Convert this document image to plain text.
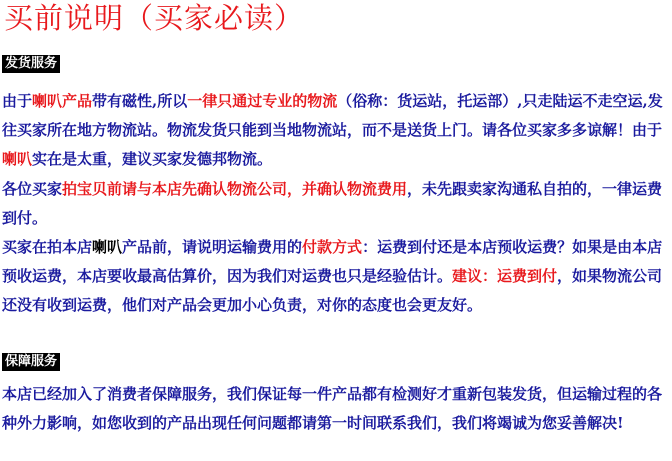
买前说明（买家必读）
发货服务

由于喇叭产品带有磁性,所以一律只通过专业的物流（俗称：货运站，托运部）,只走陆运不走空运,发往买家所在地方物流站。物流发货只能到当地物流站，而不是送货上门。请各位买家多多谅解！由于喇叭实在是太重，建议买家发德邦物流。

各位买家拍宝贝前请与本店先确认物流公司，并确认物流费用，未先跟卖家沟通私自拍的，一律运费到付。

买家在拍本店喇叭产品前，请说明运输费用的付款方式：运费到付还是本店预收运费？如果是由本店预收运费，本店要收最高估算价，因为我们对运费也只是经验估计。建议：运费到付，如果物流公司还没有收到运费，他们对产品会更加小心负责，对你的态度也会更友好。

保障服务

本店已经加入了消费者保障服务，我们保证每一件产品都有检测好才重新包装发货，但运输过程的各种外力影响，如您收到的产品出现任何问题都请第一时间联系我们，我们将竭诚为您妥善解决!
